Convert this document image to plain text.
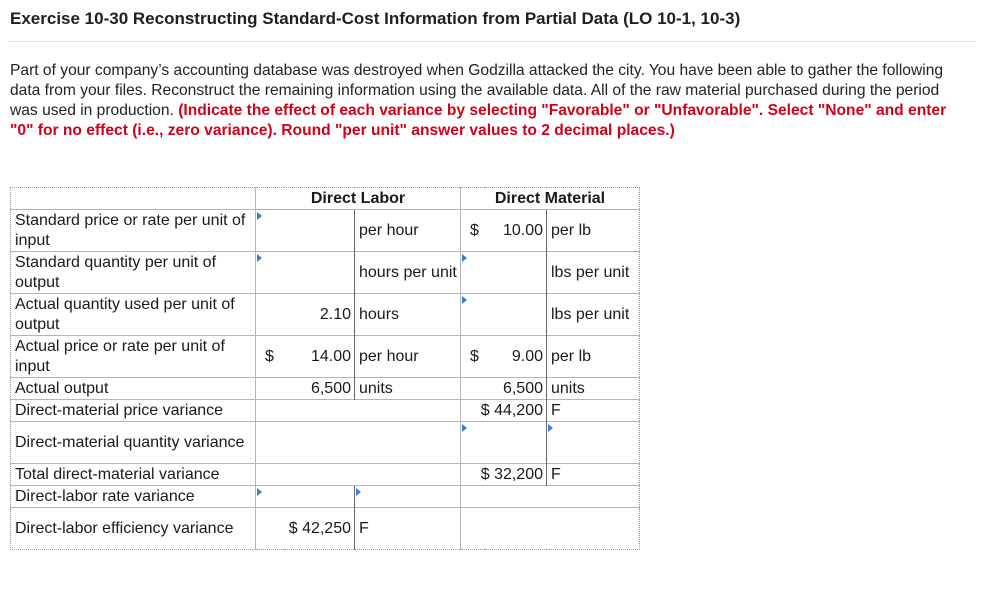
Exercise 10-30 Reconstructing Standard-Cost Information from Partial Data (LO 10-1, 10-3)
Part of your company’s accounting database was destroyed when Godzilla attacked the city. You have been able to gather the following data from your files. Reconstruct the remaining information using the available data. All of the raw material purchased during the period was used in production. (Indicate the effect of each variance by selecting "Favorable" or "Unfavorable". Select "None" and enter "0" for no effect (i.e., zero variance). Round "per unit" answer values to 2 decimal places.)
	Direct Labor			Direct Material		
Standard price or rate per unit of input			per hour	$	10.00	per lb
Standard quantity per unit of output			hours per unit			lbs per unit
Actual quantity used per unit of output		2.10	hours			lbs per unit
Actual price or rate per unit of input	$	14.00	per hour	$	9.00	per lb
Actual output		6,500	units		6,500	units
Direct-material price variance				$ 44,200		F
Direct-material quantity variance					

Total direct-material variance				$ 32,200		F
Direct-labor rate variance		

Direct-labor efficiency variance	$ 42,250		F			
